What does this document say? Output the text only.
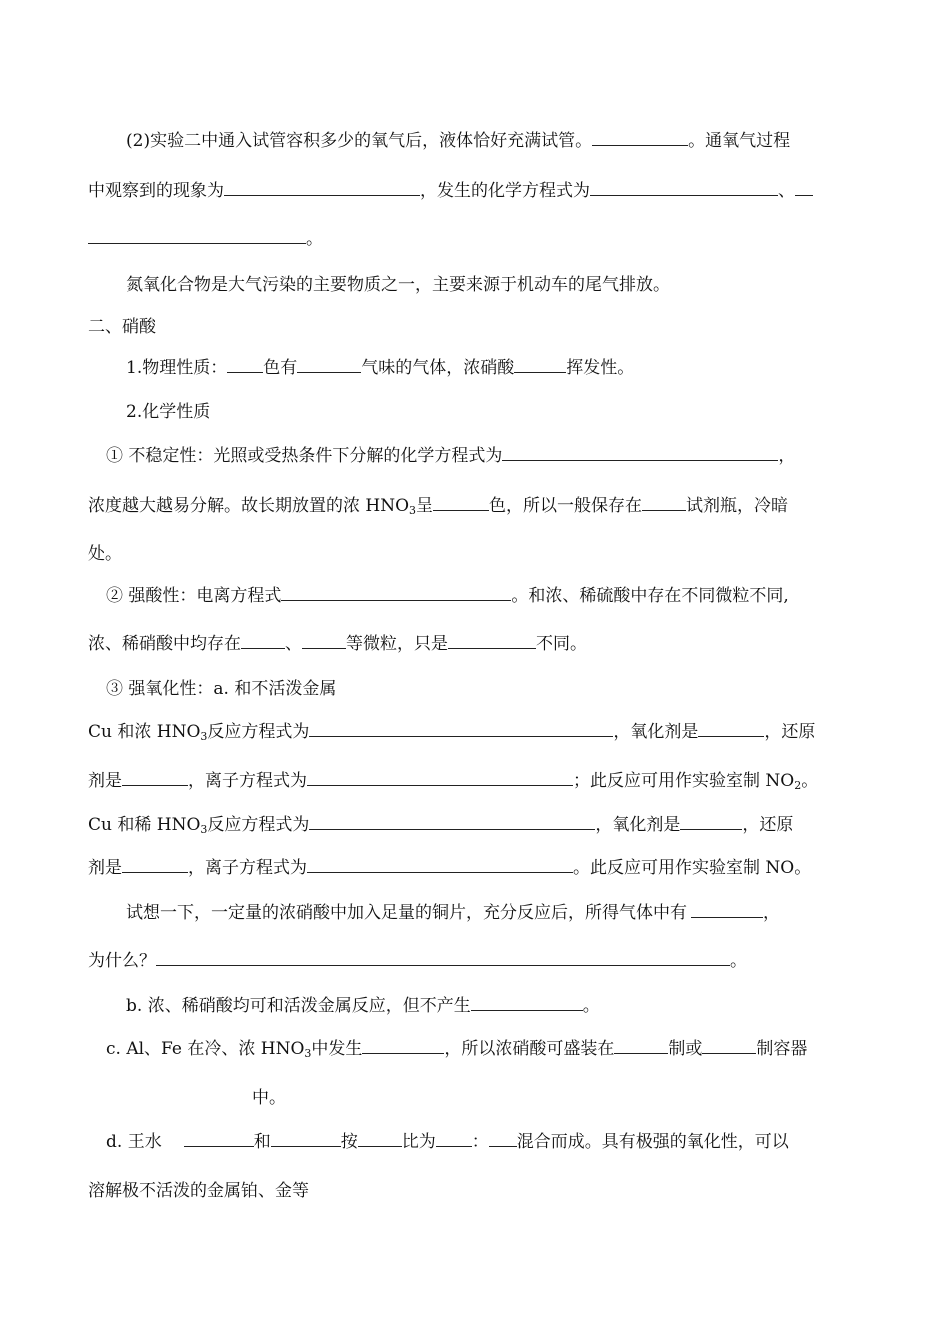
(2)实验二中通入试管容积多少的氧气后，液体恰好充满试管。	。通氧气过程
中观察到的现象为	，发生的化学方程式为	、
。
氮氧化合物是大气污染的主要物质之一，主要来源于机动车的尾气排放。
二、硝酸
1.物理性质： 色有	气味的气体，浓硝酸	挥发性。
2.化学性质
① 不稳定性：光照或受热条件下分解的化学方程式为	，
浓度越大越易分解。故长期放置的浓 $HNO_3$呈	色，所以一般保存在	试剂瓶，冷暗
处。
② 强酸性：电离方程式	。和浓、稀硫酸中存在不同微粒不同,
浓、稀硝酸中均存在	、	等微粒，只是	不同。
③ 强氧化性：a. 和不活泼金属
Cu 和浓 $HNO_3$反应方程式为	，氧化剂是	，还原
剂是	，离子方程式为	；此反应可用作实验室制 $NO_2$。
Cu 和稀 $HNO_3$反应方程式为	，氧化剂是	，还原
剂是	，离子方程式为	。此反应可用作实验室制 NO。
试想一下，一定量的浓硝酸中加入足量的铜片，充分反应后，所得气体中有	，
为什么？	。
b. 浓、稀硝酸均可和活泼金属反应，但不产生	。
c. Al、Fe 在冷、浓 $HNO_3$中发生	，所以浓硝酸可盛装在	制或	制容器
中。
d. 王水	和	按	比为 ： 混合而成。具有极强的氧化性，可以
溶解极不活泼的金属铂、金等
